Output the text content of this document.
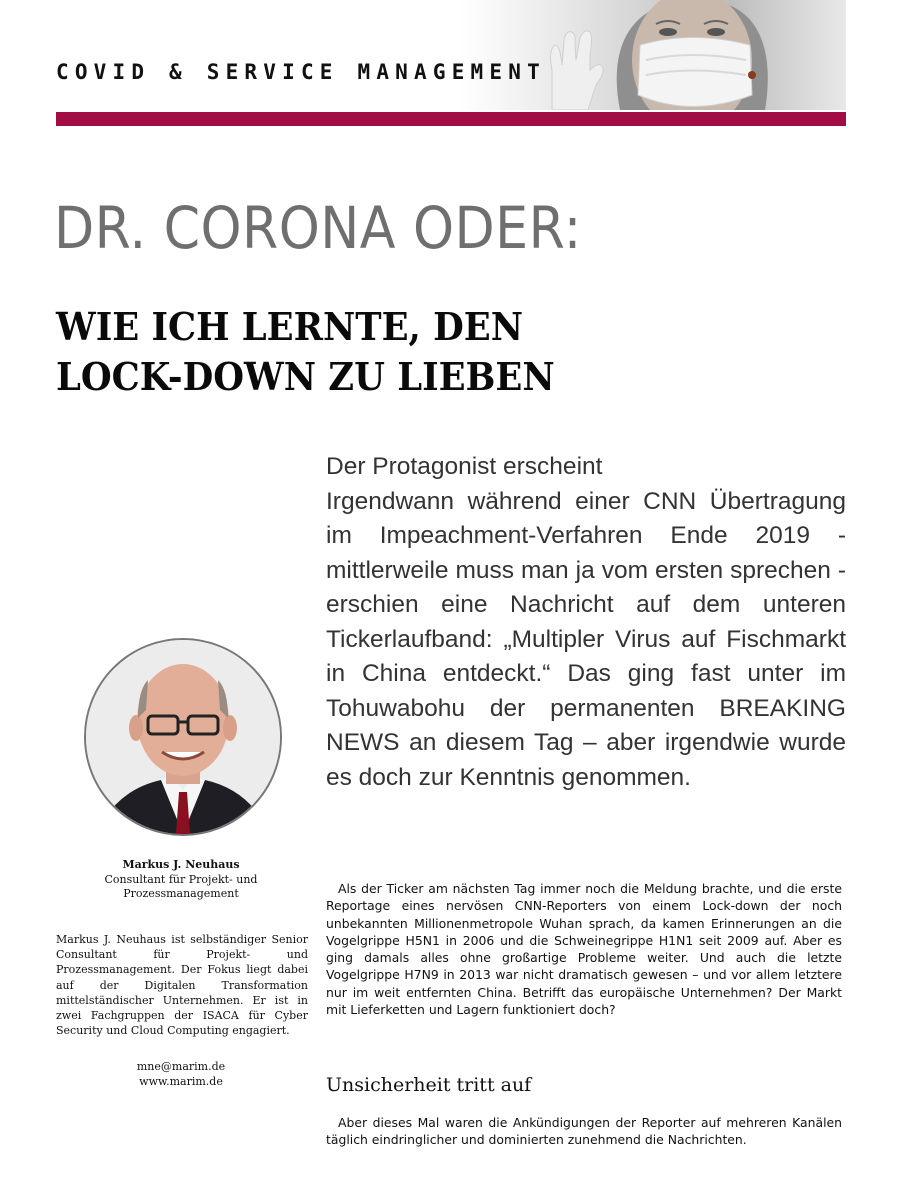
COVID & SERVICE MANAGEMENT
DR. CORONA ODER:
WIE ICH LERNTE, DEN
LOCK-DOWN ZU LIEBEN
Der Protagonist erscheint
Irgendwann während einer CNN Übertragung im Impeachment-Verfahren Ende 2019 - mittlerweile muss man ja vom ersten sprechen - erschien eine Nachricht auf dem unteren Tickerlaufband: „Multipler Virus auf Fischmarkt in China entdeckt.“ Das ging fast unter im Tohuwabohu der permanenten BREAKING NEWS an diesem Tag – aber irgendwie wurde es doch zur Kenntnis genommen.
Markus J. Neuhaus
Consultant für Projekt- und Prozessmanagement
Markus J. Neuhaus ist selbständiger Senior Consultant für Projekt- und Prozessmanagement. Der Fokus liegt dabei auf der Digitalen Transformation mittelständischer Unternehmen. Er ist in zwei Fachgruppen der ISACA für Cyber Security und Cloud Computing engagiert.
mne@marim.de
www.marim.de

Als der Ticker am nächsten Tag immer noch die Meldung brachte, und die erste Reportage eines nervösen CNN-Reporters von einem Lock-down der noch unbekannten Millionenmetropole Wuhan sprach, da kamen Erinnerungen an die Vogelgrippe H5N1 in 2006 und die Schweinegrippe H1N1 seit 2009 auf. Aber es ging damals alles ohne großartige Probleme weiter. Und auch die letzte Vogelgrippe H7N9 in 2013 war nicht dramatisch gewesen – und vor allem letztere nur im weit entfernten China. Betrifft das europäische Unternehmen? Der Markt mit Lieferketten und Lagern funktioniert doch?

Unsicherheit tritt auf

Aber dieses Mal waren die Ankündigungen der Reporter auf mehreren Kanälen täglich eindringlicher und dominierten zunehmend die Nachrichten.
